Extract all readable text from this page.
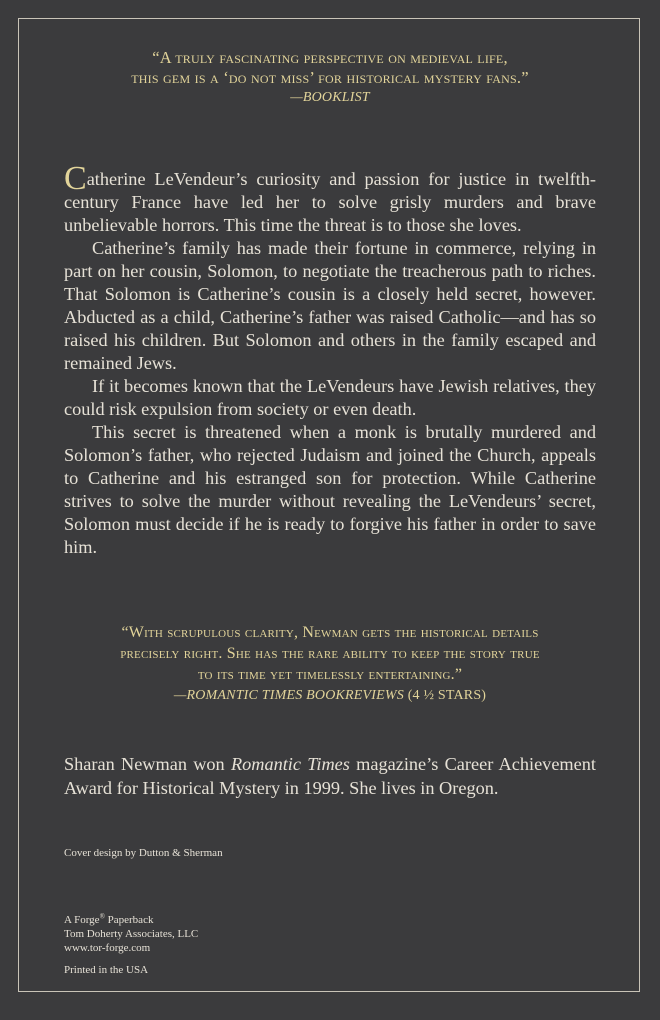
“A truly fascinating perspective on medieval life,
this gem is a ‘do not miss’ for historical mystery fans.”
—BOOKLIST

Catherine LeVendeur’s curiosity and passion for justice in twelfth-century France have led her to solve grisly murders and brave unbelievable horrors. This time the threat is to those she loves.

Catherine’s family has made their fortune in commerce, relying in part on her cousin, Solomon, to negotiate the treacherous path to riches. That Solomon is Catherine’s cousin is a closely held secret, however. Abducted as a child, Catherine’s father was raised Catholic—and has so raised his children. But Solomon and others in the family escaped and remained Jews.

If it becomes known that the LeVendeurs have Jewish relatives, they could risk expulsion from society or even death.

This secret is threatened when a monk is brutally murdered and Solomon’s father, who rejected Judaism and joined the Church, appeals to Catherine and his estranged son for protection. While Catherine strives to solve the murder without revealing the LeVendeurs’ secret, Solomon must decide if he is ready to forgive his father in order to save him.

“With scrupulous clarity, Newman gets the historical details
precisely right. She has the rare ability to keep the story true
to its time yet timelessly entertaining.”
—ROMANTIC TIMES BOOKREVIEWS (4 ½ STARS)
Sharan Newman won Romantic Times magazine’s Career Achievement Award for Historical Mystery in 1999. She lives in Oregon.
Cover design by Dutton & Sherman
A Forge® Paperback
Tom Doherty Associates, LLC
www.tor-forge.com
Printed in the USA
